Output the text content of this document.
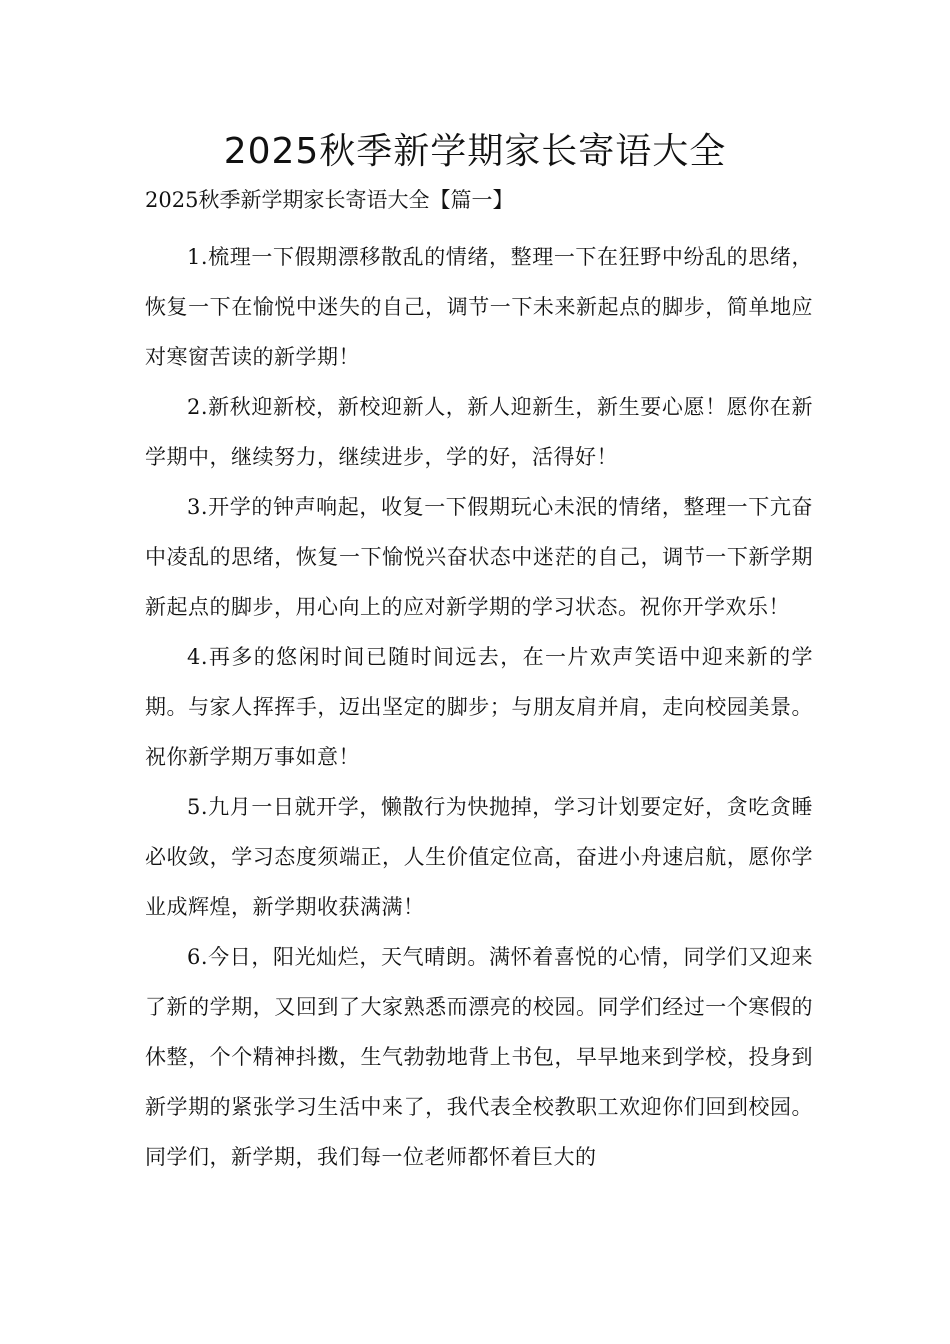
2025秋季新学期家长寄语大全
2025秋季新学期家长寄语大全【篇一】

1.梳理一下假期漂移散乱的情绪，整理一下在狂野中纷乱的思绪，恢复一下在愉悦中迷失的自己，调节一下未来新起点的脚步，简单地应对寒窗苦读的新学期！

2.新秋迎新校，新校迎新人，新人迎新生，新生要心愿！愿你在新学期中，继续努力，继续进步，学的好，活得好！

3.开学的钟声响起，收复一下假期玩心未泯的情绪，整理一下亢奋中凌乱的思绪，恢复一下愉悦兴奋状态中迷茫的自己，调节一下新学期新起点的脚步，用心向上的应对新学期的学习状态。祝你开学欢乐！

4.再多的悠闲时间已随时间远去，在一片欢声笑语中迎来新的学期。与家人挥挥手，迈出坚定的脚步；与朋友肩并肩，走向校园美景。祝你新学期万事如意！

5.九月一日就开学，懒散行为快抛掉，学习计划要定好，贪吃贪睡必收敛，学习态度须端正，人生价值定位高，奋进小舟速启航，愿你学业成辉煌，新学期收获满满！

6.今日，阳光灿烂，天气晴朗。满怀着喜悦的心情，同学们又迎来了新的学期，又回到了大家熟悉而漂亮的校园。同学们经过一个寒假的休整，个个精神抖擞，生气勃勃地背上书包，早早地来到学校，投身到新学期的紧张学习生活中来了，我代表全校教职工欢迎你们回到校园。同学们，新学期，我们每一位老师都怀着巨大的
